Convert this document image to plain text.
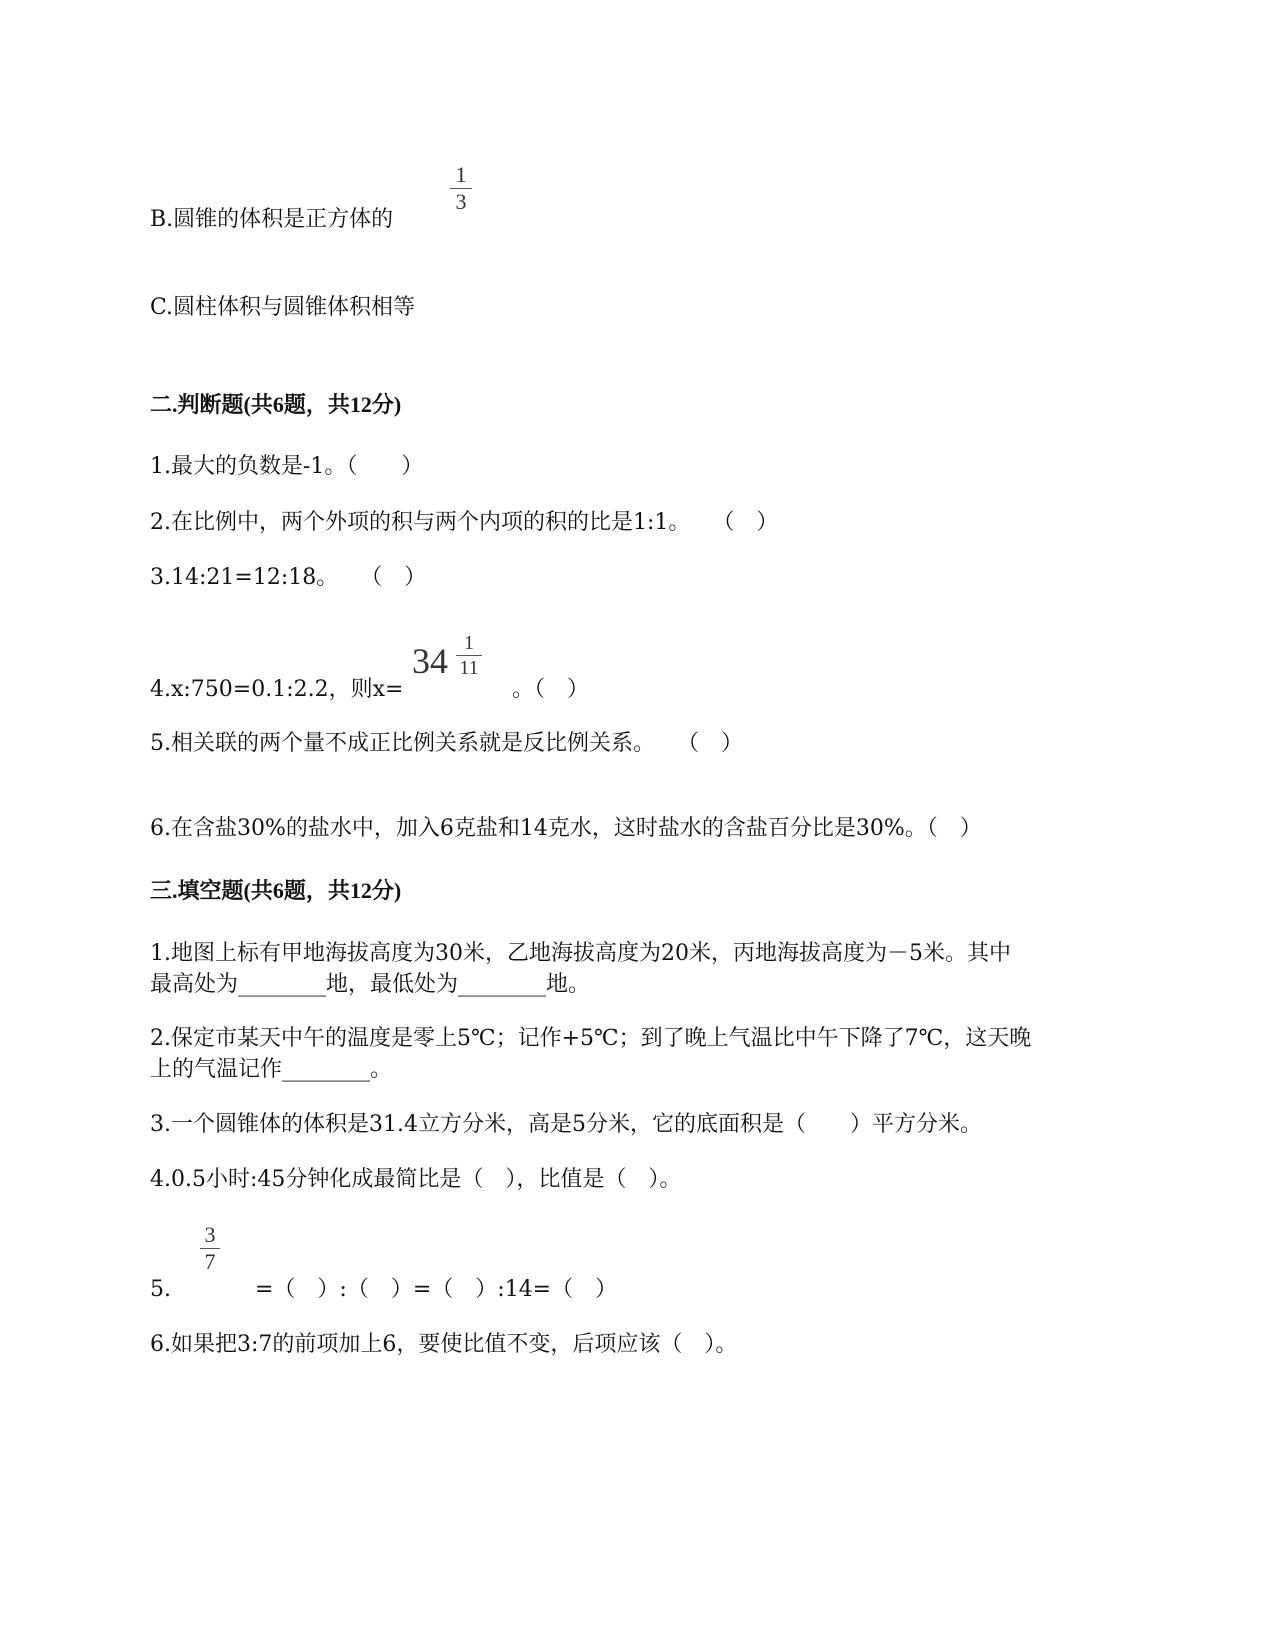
B.圆锥的体积是正方体的
1
3
C.圆柱体积与圆锥体积相等
二.判断题(共6题，共12分)
1.最大的负数是-1。（　　）
2.在比例中，两个外项的积与两个内项的积的比是1:1。　　（　）
3.14:21=12:18。　　（　）
4.x:750=0.1:2.2，则x=
34 1
11
。（　）
5.相关联的两个量不成正比例关系就是反比例关系。　　（　）
6.在含盐30%的盐水中，加入6克盐和14克水，这时盐水的含盐百分比是30%。（　）
三.填空题(共6题，共12分)
1.地图上标有甲地海拔高度为30米，乙地海拔高度为20米，丙地海拔高度为－5米。其中
最高处为________地，最低处为________地。
2.保定市某天中午的温度是零上5℃；记作+5℃；到了晚上气温比中午下降了7℃，这天晚
上的气温记作________。
3.一个圆锥体的体积是31.4立方分米，高是5分米，它的底面积是（　　）平方分米。
4.0.5小时:45分钟化成最简比是（　），比值是（　）。
5.
3
7
=（　）:（　）=（　）:14=（　）
6.如果把3:7的前项加上6，要使比值不变，后项应该（　）。
